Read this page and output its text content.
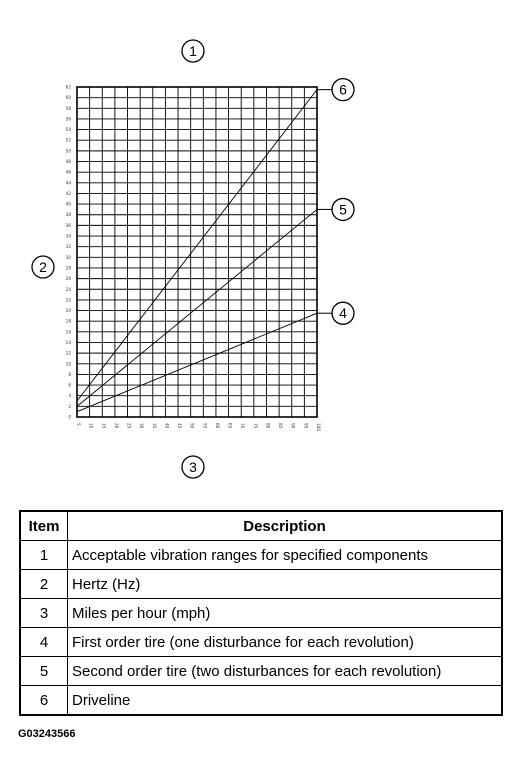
0
2
4
6
8
10
12
14
16
18
20
22
24
26
28
30
32
34
36
38
40
42
44
46
48
50
52
54
56
58
60
62
5 10 15 20 25 30 35 40 45 50 55 60 65 70 75 80 85 90 95 100
4
5
6
1
2
3
Item	Description
1	Acceptable vibration ranges for specified components
2	Hertz (Hz)
3	Miles per hour (mph)
4	First order tire (one disturbance for each revolution)
5	Second order tire (two disturbances for each revolution)
6	Driveline
G03243566
